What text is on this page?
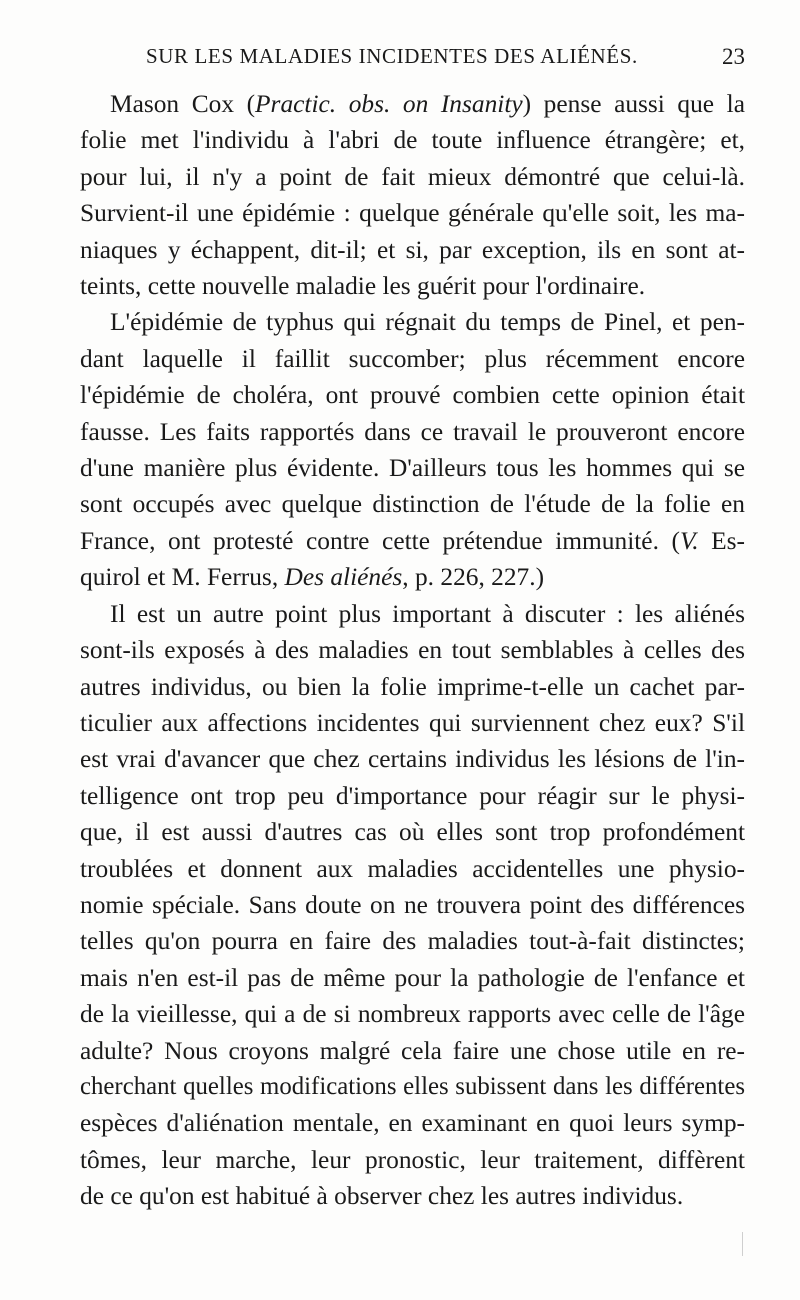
SUR LES MALADIES INCIDENTES DES ALIÉNÉS.	23
Mason Cox (Practic. obs. on Insanity) pense aussi que la
folie met l'individu à l'abri de toute influence étrangère; et,
pour lui, il n'y a point de fait mieux démontré que celui-là.
Survient-il une épidémie : quelque générale qu'elle soit, les ma-
niaques y échappent, dit-il; et si, par exception, ils en sont at-
teints, cette nouvelle maladie les guérit pour l'ordinaire.
L'épidémie de typhus qui régnait du temps de Pinel, et pen-
dant laquelle il faillit succomber; plus récemment encore
l'épidémie de choléra, ont prouvé combien cette opinion était
fausse. Les faits rapportés dans ce travail le prouveront encore
d'une manière plus évidente. D'ailleurs tous les hommes qui se
sont occupés avec quelque distinction de l'étude de la folie en
France, ont protesté contre cette prétendue immunité. (V. Es-
quirol et M. Ferrus, Des aliénés, p. 226, 227.)
Il est un autre point plus important à discuter : les aliénés
sont-ils exposés à des maladies en tout semblables à celles des
autres individus, ou bien la folie imprime-t-elle un cachet par-
ticulier aux affections incidentes qui surviennent chez eux? S'il
est vrai d'avancer que chez certains individus les lésions de l'in-
telligence ont trop peu d'importance pour réagir sur le physi-
que, il est aussi d'autres cas où elles sont trop profondément
troublées et donnent aux maladies accidentelles une physio-
nomie spéciale. Sans doute on ne trouvera point des différences
telles qu'on pourra en faire des maladies tout-à-fait distinctes;
mais n'en est-il pas de même pour la pathologie de l'enfance et
de la vieillesse, qui a de si nombreux rapports avec celle de l'âge
adulte? Nous croyons malgré cela faire une chose utile en re-
cherchant quelles modifications elles subissent dans les différentes
espèces d'aliénation mentale, en examinant en quoi leurs symp-
tômes, leur marche, leur pronostic, leur traitement, diffèrent
de ce qu'on est habitué à observer chez les autres individus.
